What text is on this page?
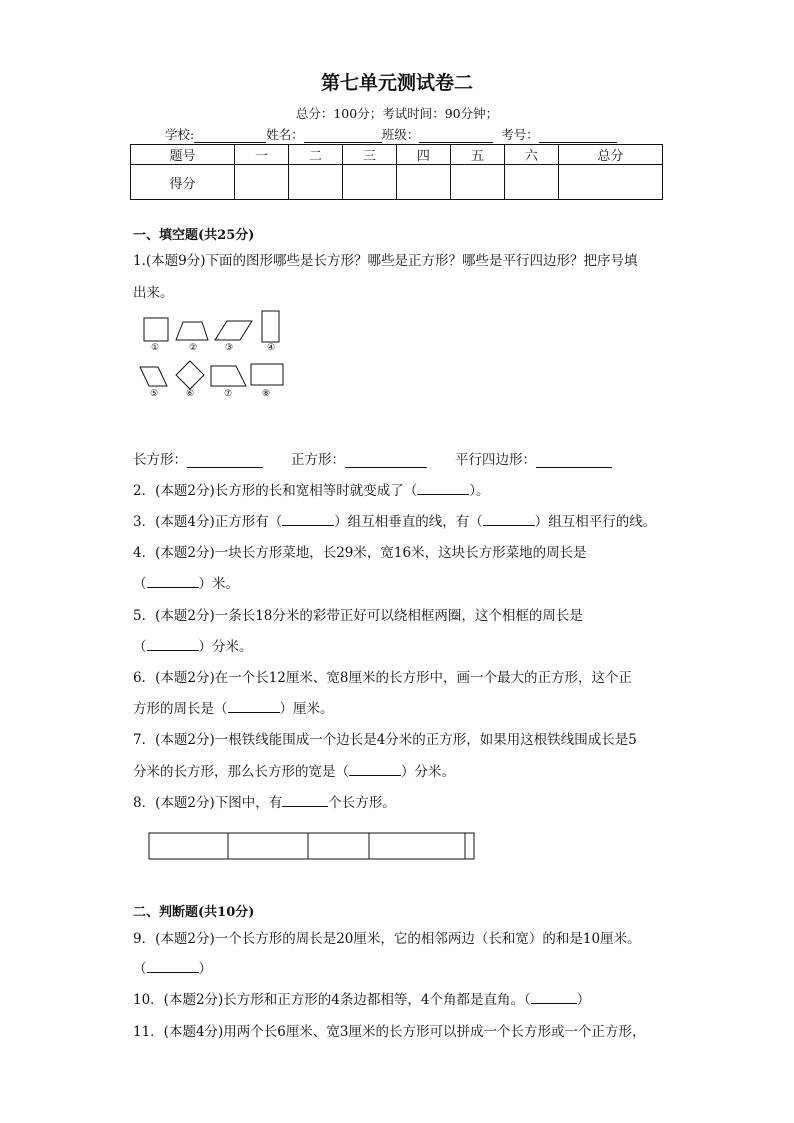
第七单元测试卷二
总分：100分；考试时间：90分钟；
学校:	姓名：	班级：	考号：
题号	一	二	三	四	五	六	总分
得分							
一、填空题(共25分)
1.(本题9分)下面的图形哪些是长方形？哪些是正方形？哪些是平行四边形？把序号填
出来。
①	②	③	④
⑤	⑥	⑦	⑧
长方形：	正方形：	平行四边形：
2．(本题2分)长方形的长和宽相等时就变成了（	）。
3．(本题4分)正方形有（	）组互相垂直的线，有（	）组互相平行的线。
4．(本题2分)一块长方形菜地，长29米，宽16米，这块长方形菜地的周长是
（	）米。
5．(本题2分)一条长18分米的彩带正好可以绕相框两圈，这个相框的周长是
（	）分米。
6．(本题2分)在一个长12厘米、宽8厘米的长方形中，画一个最大的正方形，这个正
方形的周长是（	）厘米。
7．(本题2分)一根铁线能围成一个边长是4分米的正方形，如果用这根铁线围成长是5
分米的长方形，那么长方形的宽是（	）分米。
8．(本题2分)下图中，有	个长方形。
二、判断题(共10分)
9．(本题2分)一个长方形的周长是20厘米，它的相邻两边（长和宽）的和是10厘米。
（	）
10．(本题2分)长方形和正方形的4条边都相等，4个角都是直角。（	）
11．(本题4分)用两个长6厘米、宽3厘米的长方形可以拼成一个长方形或一个正方形，
